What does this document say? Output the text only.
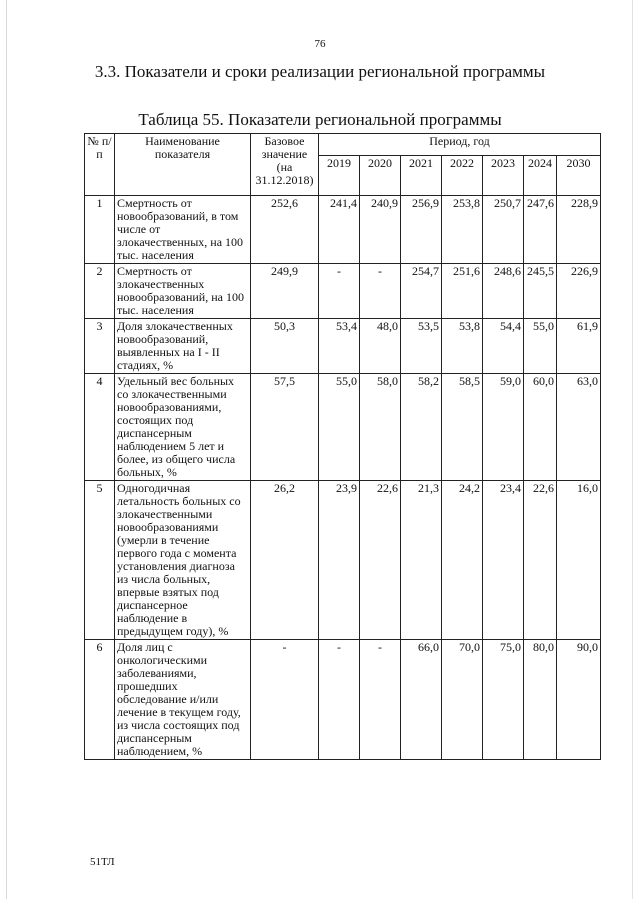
76
3.3. Показатели и сроки реализации региональной программы
Таблица 55. Показатели региональной программы
№ п/п	Наименование показателя	Базовое значение (на 31.12.2018)	Период, год						
			2019	2020	2021	2022	2023	2024	2030
1	Смертность от новообразований, в том числе от злокачественных, на 100 тыс. населения	252,6	241,4	240,9	256,9	253,8	250,7	247,6	228,9
2	Смертность от злокачественных новообразований, на 100 тыс. населения	249,9	-	-	254,7	251,6	248,6	245,5	226,9
3	Доля злокачественных новообразований, выявленных на I - II стадиях, %	50,3	53,4	48,0	53,5	53,8	54,4	55,0	61,9
4	Удельный вес больных со злокачественными новообразованиями, состоящих под диспансерным наблюдением 5 лет и более, из общего числа больных, %	57,5	55,0	58,0	58,2	58,5	59,0	60,0	63,0
5	Одногодичная летальность больных со злокачественными новообразованиями (умерли в течение первого года с момента установления диагноза из числа больных, впервые взятых под диспансерное наблюдение в предыдущем году), %	26,2	23,9	22,6	21,3	24,2	23,4	22,6	16,0
6	Доля лиц с онкологическими заболеваниями, прошедших обследование и/или лечение в текущем году, из числа состоящих под диспансерным наблюдением, %	-	-	-	66,0	70,0	75,0	80,0	90,0
51ТЛ
